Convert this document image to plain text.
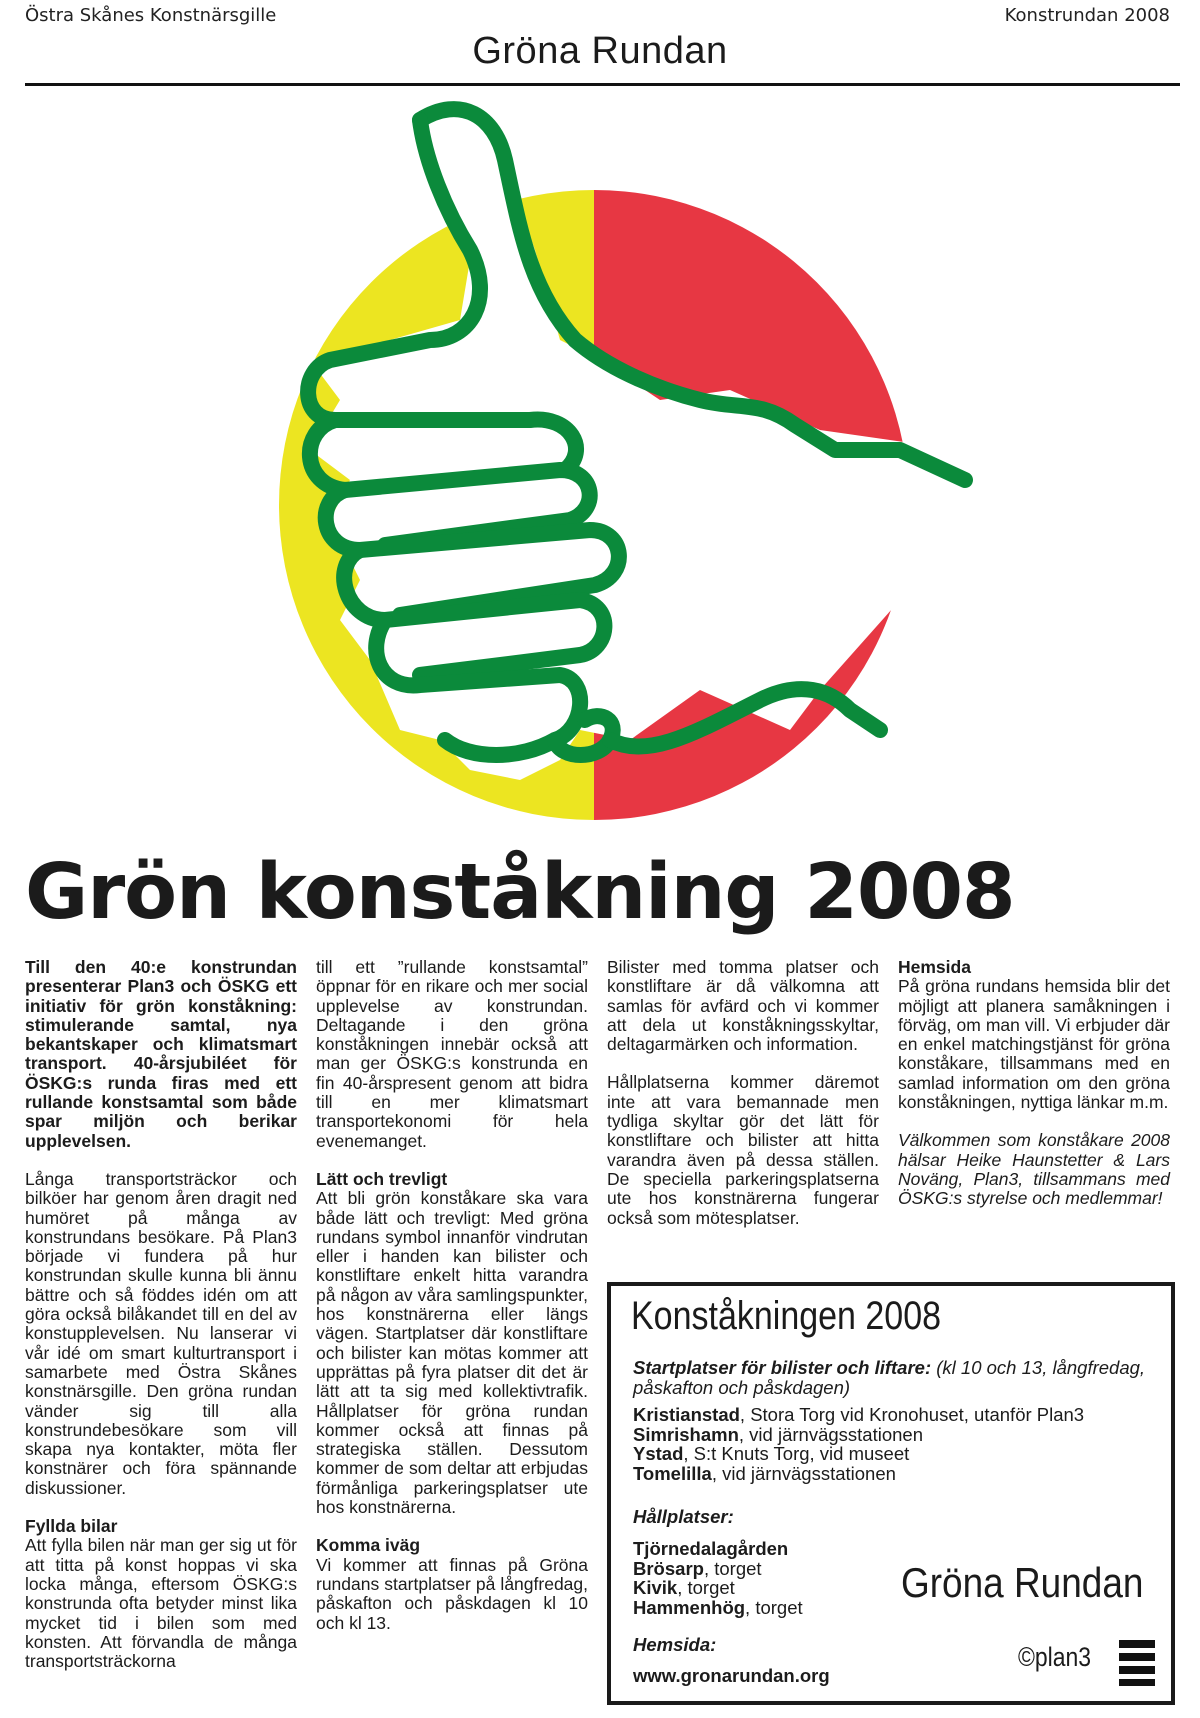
Östra Skånes Konstnärsgille	Konstrundan 2008
Gröna Rundan
Grön konståkning 2008

Till den 40:e konstrundan presenterar Plan3 och ÖSKG ett initiativ för grön konståkning: stimulerande samtal, nya bekantskaper och klimatsmart transport. 40-årsjubiléet för ÖSKG:s runda firas med ett rullande konstsamtal som både spar miljön och berikar upplevelsen.

Långa transportsträckor och bilköer har genom åren dragit ned humöret på många av konstrundans besökare. På Plan3 började vi fundera på hur konstrundan skulle kunna bli ännu bättre och så föddes idén om att göra också bilåkandet till en del av konstupplevelsen. Nu lanserar vi vår idé om smart kulturtransport i samarbete med Östra Skånes konstnärsgille. Den gröna rundan vänder sig till alla konstrundebesökare som vill skapa nya kontakter, möta fler konstnärer och föra spännande diskussioner.

Fyllda bilar

Att fylla bilen när man ger sig ut för att titta på konst hoppas vi ska locka många, eftersom ÖSKG:s konstrunda ofta betyder minst lika mycket tid i bilen som med konsten. Att förvandla de många transportsträckorna

till ett ”rullande konstsamtal” öppnar för en rikare och mer social upplevelse av konstrundan. Deltagande i den gröna konståkningen innebär också att man ger ÖSKG:s konstrunda en fin 40-årspresent genom att bidra till en mer klimatsmart transportekonomi för hela evenemanget.

Lätt och trevligt

Att bli grön konståkare ska vara både lätt och trevligt: Med gröna rundans symbol innanför vindrutan eller i handen kan bilister och konstliftare enkelt hitta varandra på någon av våra samlingspunkter, hos konstnärerna eller längs vägen. Startplatser där konstliftare och bilister kan mötas kommer att upprättas på fyra platser dit det är lätt att ta sig med kollektivtrafik. Hållplatser för gröna rundan kommer också att finnas på strategiska ställen. Dessutom kommer de som deltar att erbjudas förmånliga parkeringsplatser ute hos konstnärerna.

Komma iväg

Vi kommer att finnas på Gröna rundans startplatser på långfredag, påskafton och påskdagen kl 10 och kl 13.

Bilister med tomma platser och konstliftare är då välkomna att samlas för avfärd och vi kommer att dela ut konståkningsskyltar, deltagarmärken och information.

Hållplatserna kommer däremot inte att vara bemannade men tydliga skyltar gör det lätt för konstliftare och bilister att hitta varandra även på dessa ställen. De speciella parkeringsplatserna ute hos konstnärerna fungerar också som mötesplatser.

Hemsida

På gröna rundans hemsida blir det möjligt att planera samåkningen i förväg, om man vill. Vi erbjuder där en enkel matchingstjänst för gröna konståkare, tillsammans med en samlad information om den gröna konståkningen, nyttiga länkar m.m.

Välkommen som konståkare 2008 hälsar Heike Haunstetter & Lars Noväng, Plan3, tillsammans med ÖSKG:s styrelse och medlemmar!

Konståkningen 2008
Startplatser för bilister och liftare: (kl 10 och 13, långfredag, påskafton och påskdagen)
Kristianstad, Stora Torg vid Kronohuset, utanför Plan3
Simrishamn, vid järnvägsstationen
Ystad, S:t Knuts Torg, vid museet
Tomelilla, vid järnvägsstationen
Hållplatser:
Tjörnedalagården
Brösarp, torget
Kivik, torget
Hammenhög, torget
Hemsida:
www.gronarundan.org
Gröna Rundan
©plan3
